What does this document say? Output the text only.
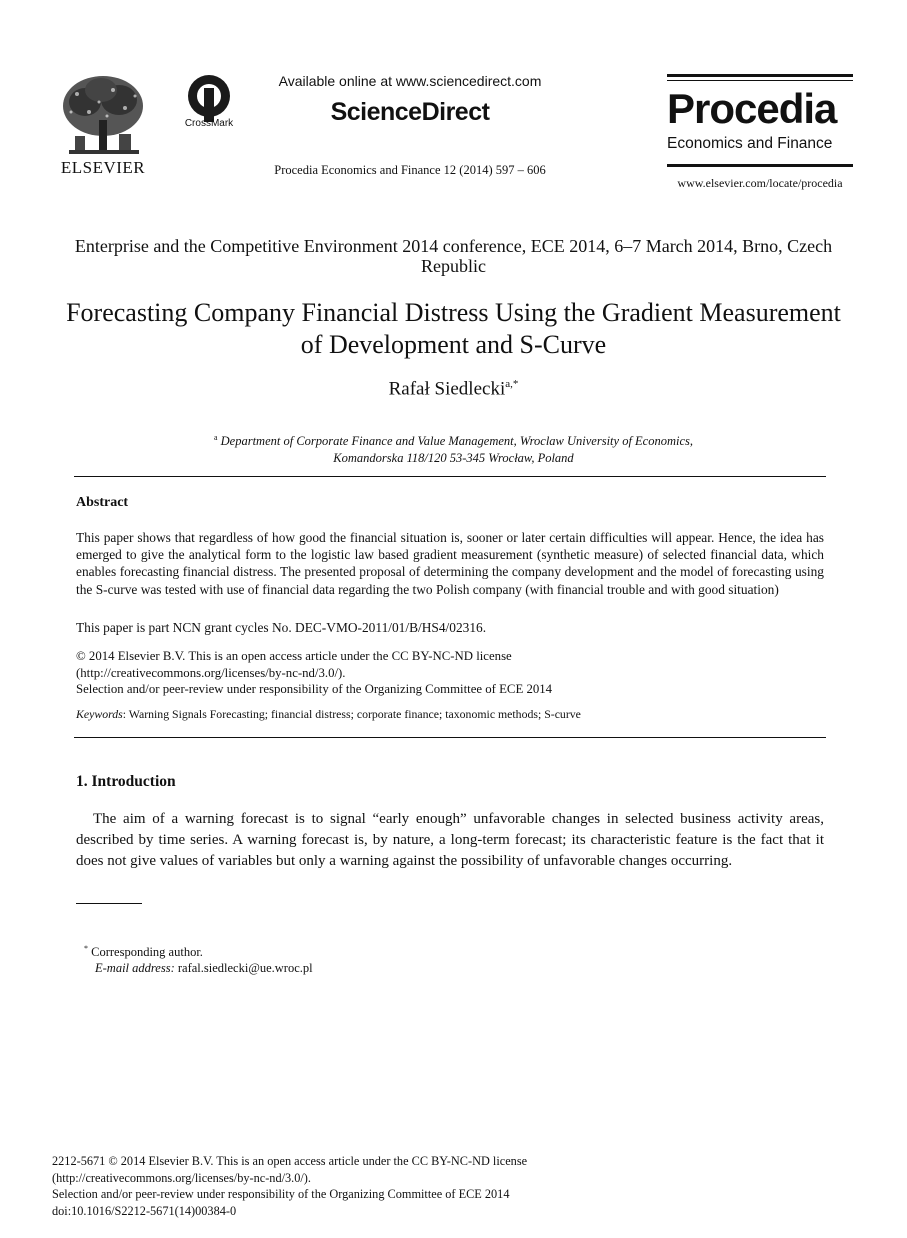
ELSEVIER
CrossMark
Available online at www.sciencedirect.com
ScienceDirect
Procedia Economics and Finance 12 (2014) 597 – 606
Procedia
Economics and Finance
www.elsevier.com/locate/procedia
Enterprise and the Competitive Environment 2014 conference, ECE 2014, 6–7 March 2014, Brno, Czech Republic
Forecasting Company Financial Distress Using the Gradient Measurement of Development and S-Curve
Rafał Siedlecki$^{a,*}$
$^a$ Department of Corporate Finance and Value Management, Wroclaw University of Economics,
Komandorska 118/120 53-345 Wrocław, Poland
Abstract
This paper shows that regardless of how good the financial situation is, sooner or later certain difficulties will appear. Hence, the idea has emerged to give the analytical form to the logistic law based gradient measurement (synthetic measure) of selected financial data, which enables forecasting financial distress. The presented proposal of determining the company development and the model of forecasting using the S-curve was tested with use of financial data regarding the two Polish company (with financial trouble and with good situation)
This paper is part NCN grant cycles No. DEC-VMO-2011/01/B/HS4/02316.
© 2014 Elsevier B.V. This is an open access article under the CC BY-NC-ND license
(http://creativecommons.org/licenses/by-nc-nd/3.0/).
Selection and/or peer-review under responsibility of the Organizing Committee of ECE 2014
Keywords: Warning Signals Forecasting; financial distress; corporate finance; taxonomic methods; S-curve
1. Introduction
The aim of a warning forecast is to signal “early enough” unfavorable changes in selected business activity areas, described by time series. A warning forecast is, by nature, a long-term forecast; its characteristic feature is the fact that it does not give values of variables but only a warning against the possibility of unfavorable changes occurring.
* Corresponding author.
E-mail address: rafal.siedlecki@ue.wroc.pl
2212-5671 © 2014 Elsevier B.V. This is an open access article under the CC BY-NC-ND license
(http://creativecommons.org/licenses/by-nc-nd/3.0/).
Selection and/or peer-review under responsibility of the Organizing Committee of ECE 2014
doi:10.1016/S2212-5671(14)00384-0
